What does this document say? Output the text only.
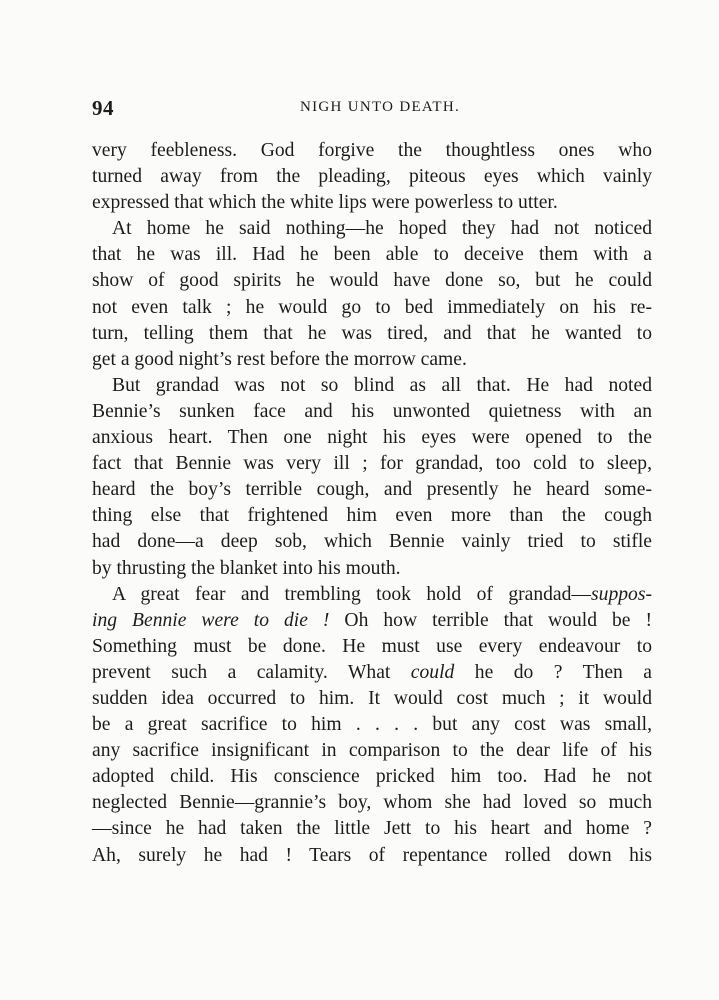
94	NIGH UNTO DEATH.

very feebleness. God forgive the thoughtless ones who
turned away from the pleading, piteous eyes which vainly
expressed that which the white lips were powerless to utter.

At home he said nothing—he hoped they had not noticed
that he was ill. Had he been able to deceive them with a
show of good spirits he would have done so, but he could
not even talk ; he would go to bed immediately on his re-
turn, telling them that he was tired, and that he wanted to
get a good night’s rest before the morrow came.

But grandad was not so blind as all that. He had noted
Bennie’s sunken face and his unwonted quietness with an
anxious heart. Then one night his eyes were opened to the
fact that Bennie was very ill ; for grandad, too cold to sleep,
heard the boy’s terrible cough, and presently he heard some-
thing else that frightened him even more than the cough
had done—a deep sob, which Bennie vainly tried to stifle
by thrusting the blanket into his mouth.

A great fear and trembling took hold of grandad—suppos-
ing Bennie were to die ! Oh how terrible that would be !
Something must be done. He must use every endeavour to
prevent such a calamity. What could he do ? Then a
sudden idea occurred to him. It would cost much ; it would
be a great sacrifice to him . . . . but any cost was small,
any sacrifice insignificant in comparison to the dear life of his
adopted child. His conscience pricked him too. Had he not
neglected Bennie—grannie’s boy, whom she had loved so much
—since he had taken the little Jett to his heart and home ?
Ah, surely he had ! Tears of repentance rolled down his
